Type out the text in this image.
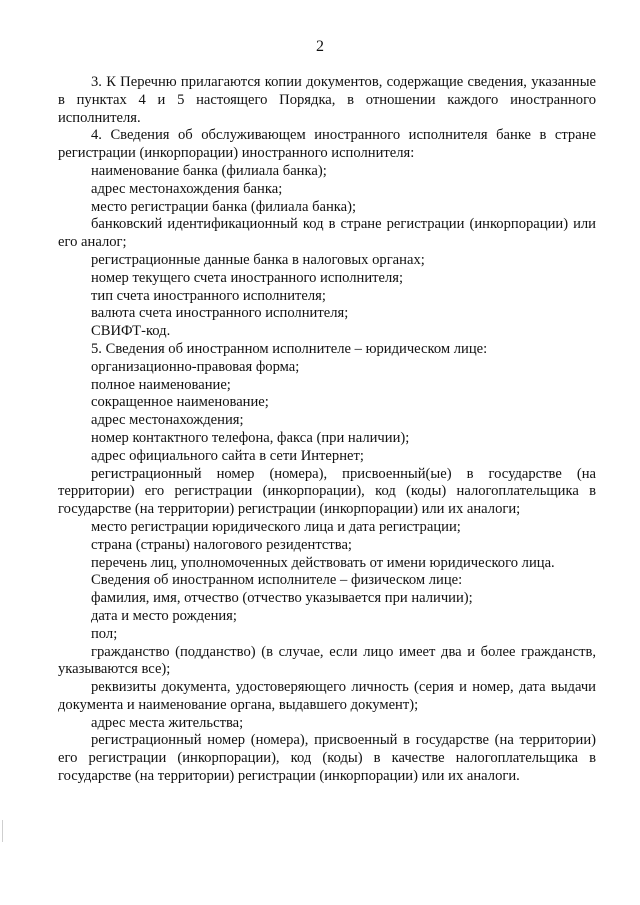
2

3. К Перечню прилагаются копии документов, содержащие сведения, указанные в пунктах 4 и 5 настоящего Порядка, в отношении каждого иностранного исполнителя.

4. Сведения об обслуживающем иностранного исполнителя банке в стране регистрации (инкорпорации) иностранного исполнителя:

наименование банка (филиала банка);

адрес местонахождения банка;

место регистрации банка (филиала банка);

банковский идентификационный код в стране регистрации (инкорпорации) или его аналог;

регистрационные данные банка в налоговых органах;

номер текущего счета иностранного исполнителя;

тип счета иностранного исполнителя;

валюта счета иностранного исполнителя;

СВИФТ-код.

5. Сведения об иностранном исполнителе – юридическом лице:

организационно-правовая форма;

полное наименование;

сокращенное наименование;

адрес местонахождения;

номер контактного телефона, факса (при наличии);

адрес официального сайта в сети Интернет;

регистрационный номер (номера), присвоенный(ые) в государстве (на территории) его регистрации (инкорпорации), код (коды) налогоплательщика в государстве (на территории) регистрации (инкорпорации) или их аналоги;

место регистрации юридического лица и дата регистрации;

страна (страны) налогового резидентства;

перечень лиц, уполномоченных действовать от имени юридического лица.

Сведения об иностранном исполнителе – физическом лице:

фамилия, имя, отчество (отчество указывается при наличии);

дата и место рождения;

пол;

гражданство (подданство) (в случае, если лицо имеет два и более гражданств, указываются все);

реквизиты документа, удостоверяющего личность (серия и номер, дата выдачи документа и наименование органа, выдавшего документ);

адрес места жительства;

регистрационный номер (номера), присвоенный в государстве (на территории) его регистрации (инкорпорации), код (коды) в качестве налогоплательщика в государстве (на территории) регистрации (инкорпорации) или их аналоги.
